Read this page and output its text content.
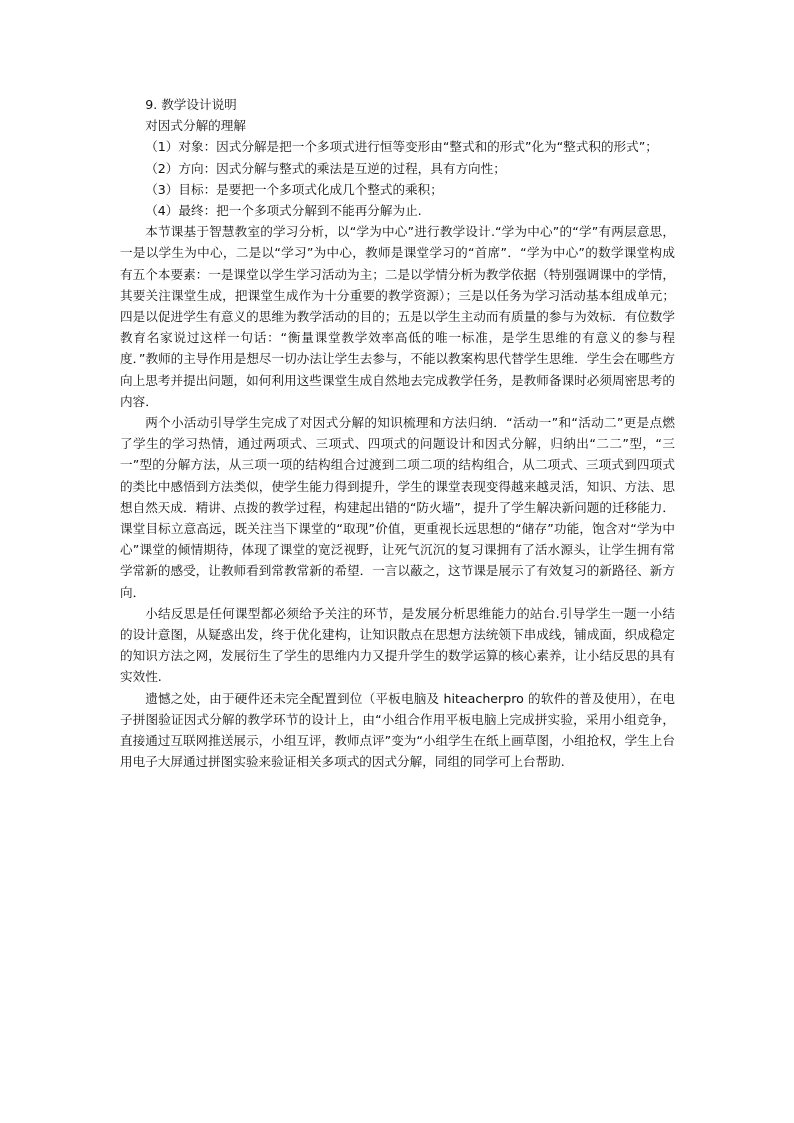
9. 教学设计说明

对因式分解的理解

（1）对象：因式分解是把一个多项式进行恒等变形由“整式和的形式”化为“整式积的形式”；

（2）方向：因式分解与整式的乘法是互逆的过程，具有方向性；

（3）目标：是要把一个多项式化成几个整式的乘积；

（4）最终：把一个多项式分解到不能再分解为止.

本节课基于智慧教室的学习分析，以“学为中心”进行教学设计.“学为中心”的“学”有两层意思，一是以学生为中心，二是以“学习”为中心，教师是课堂学习的“首席”．“学为中心”的数学课堂构成有五个本要素：一是课堂以学生学习活动为主；二是以学情分析为教学依据（特别强调课中的学情，其要关注课堂生成，把课堂生成作为十分重要的教学资源）；三是以任务为学习活动基本组成单元；四是以促进学生有意义的思维为教学活动的目的；五是以学生主动而有质量的参与为效标．有位数学教育名家说过这样一句话：“衡量课堂教学效率高低的唯一标准，是学生思维的有意义的参与程度．”教师的主导作用是想尽一切办法让学生去参与，不能以教案构思代替学生思维．学生会在哪些方向上思考并提出问题，如何利用这些课堂生成自然地去完成教学任务，是教师备课时必须周密思考的内容．

两个小活动引导学生完成了对因式分解的知识梳理和方法归纳．“活动一”和“活动二”更是点燃了学生的学习热情，通过两项式、三项式、四项式的问题设计和因式分解，归纳出“二二”型，“三一”型的分解方法，从三项一项的结构组合过渡到二项二项的结构组合，从二项式、三项式到四项式的类比中感悟到方法类似，使学生能力得到提升，学生的课堂表现变得越来越灵活，知识、方法、思想自然天成．精讲、点拨的教学过程，构建起出错的“防火墙”，提升了学生解决新问题的迁移能力．课堂目标立意高远，既关注当下课堂的“取现”价值，更重视长远思想的“储存”功能，饱含对“学为中心”课堂的倾情期待，体现了课堂的宽泛视野，让死气沉沉的复习课拥有了活水源头，让学生拥有常学常新的感受，让教师看到常教常新的希望．一言以蔽之，这节课是展示了有效复习的新路径、新方向．

小结反思是任何课型都必须给予关注的环节，是发展分析思维能力的站台.引导学生一题一小结的设计意图，从疑惑出发，终于优化建构，让知识散点在思想方法统领下串成线，铺成面，织成稳定的知识方法之网，发展衍生了学生的思维内力又提升学生的数学运算的核心素养，让小结反思的具有实效性.

遗憾之处，由于硬件还未完全配置到位（平板电脑及 hiteacherpro 的软件的普及使用），在电子拼图验证因式分解的教学环节的设计上，由“小组合作用平板电脑上完成拼实验，采用小组竞争，直接通过互联网推送展示，小组互评，教师点评”变为“小组学生在纸上画草图，小组抢权，学生上台用电子大屏通过拼图实验来验证相关多项式的因式分解，同组的同学可上台帮助.
